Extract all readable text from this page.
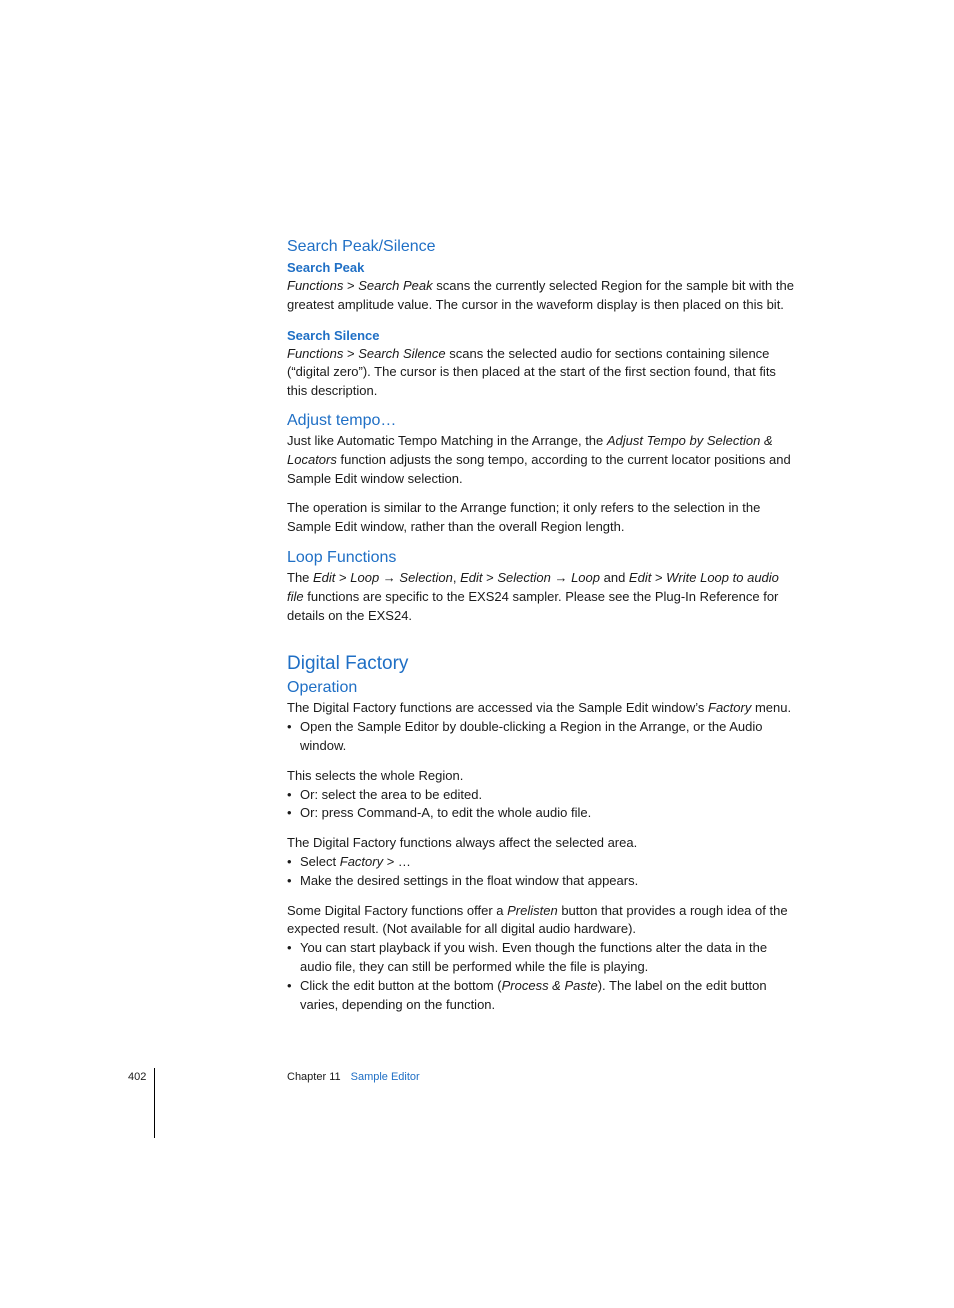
Search Peak/Silence
Search Peak

Functions > Search Peak scans the currently selected Region for the sample bit with the greatest amplitude value. The cursor in the waveform display is then placed on this bit.

Search Silence

Functions > Search Silence scans the selected audio for sections containing silence (“digital zero”). The cursor is then placed at the start of the first section found, that fits this description.

Adjust tempo…

Just like Automatic Tempo Matching in the Arrange, the Adjust Tempo by Selection & Locators function adjusts the song tempo, according to the current locator positions and Sample Edit window selection.

The operation is similar to the Arrange function; it only refers to the selection in the Sample Edit window, rather than the overall Region length.

Loop Functions

The Edit > Loop → Selection, Edit > Selection → Loop and Edit > Write Loop to audio file functions are specific to the EXS24 sampler. Please see the Plug-In Reference for details on the EXS24.

Digital Factory
Operation

The Digital Factory functions are accessed via the Sample Edit window’s Factory menu.

• Open the Sample Editor by double-clicking a Region in the Arrange, or the Audio window.

This selects the whole Region.

• Or: select the area to be edited.
• Or: press Command-A, to edit the whole audio file.

The Digital Factory functions always affect the selected area.

• Select Factory > …
• Make the desired settings in the float window that appears.

Some Digital Factory functions offer a Prelisten button that provides a rough idea of the expected result. (Not available for all digital audio hardware).

• You can start playback if you wish. Even though the functions alter the data in the audio file, they can still be performed while the file is playing.
• Click the edit button at the bottom (Process & Paste). The label on the edit button varies, depending on the function.
402	Chapter 11 Sample Editor
